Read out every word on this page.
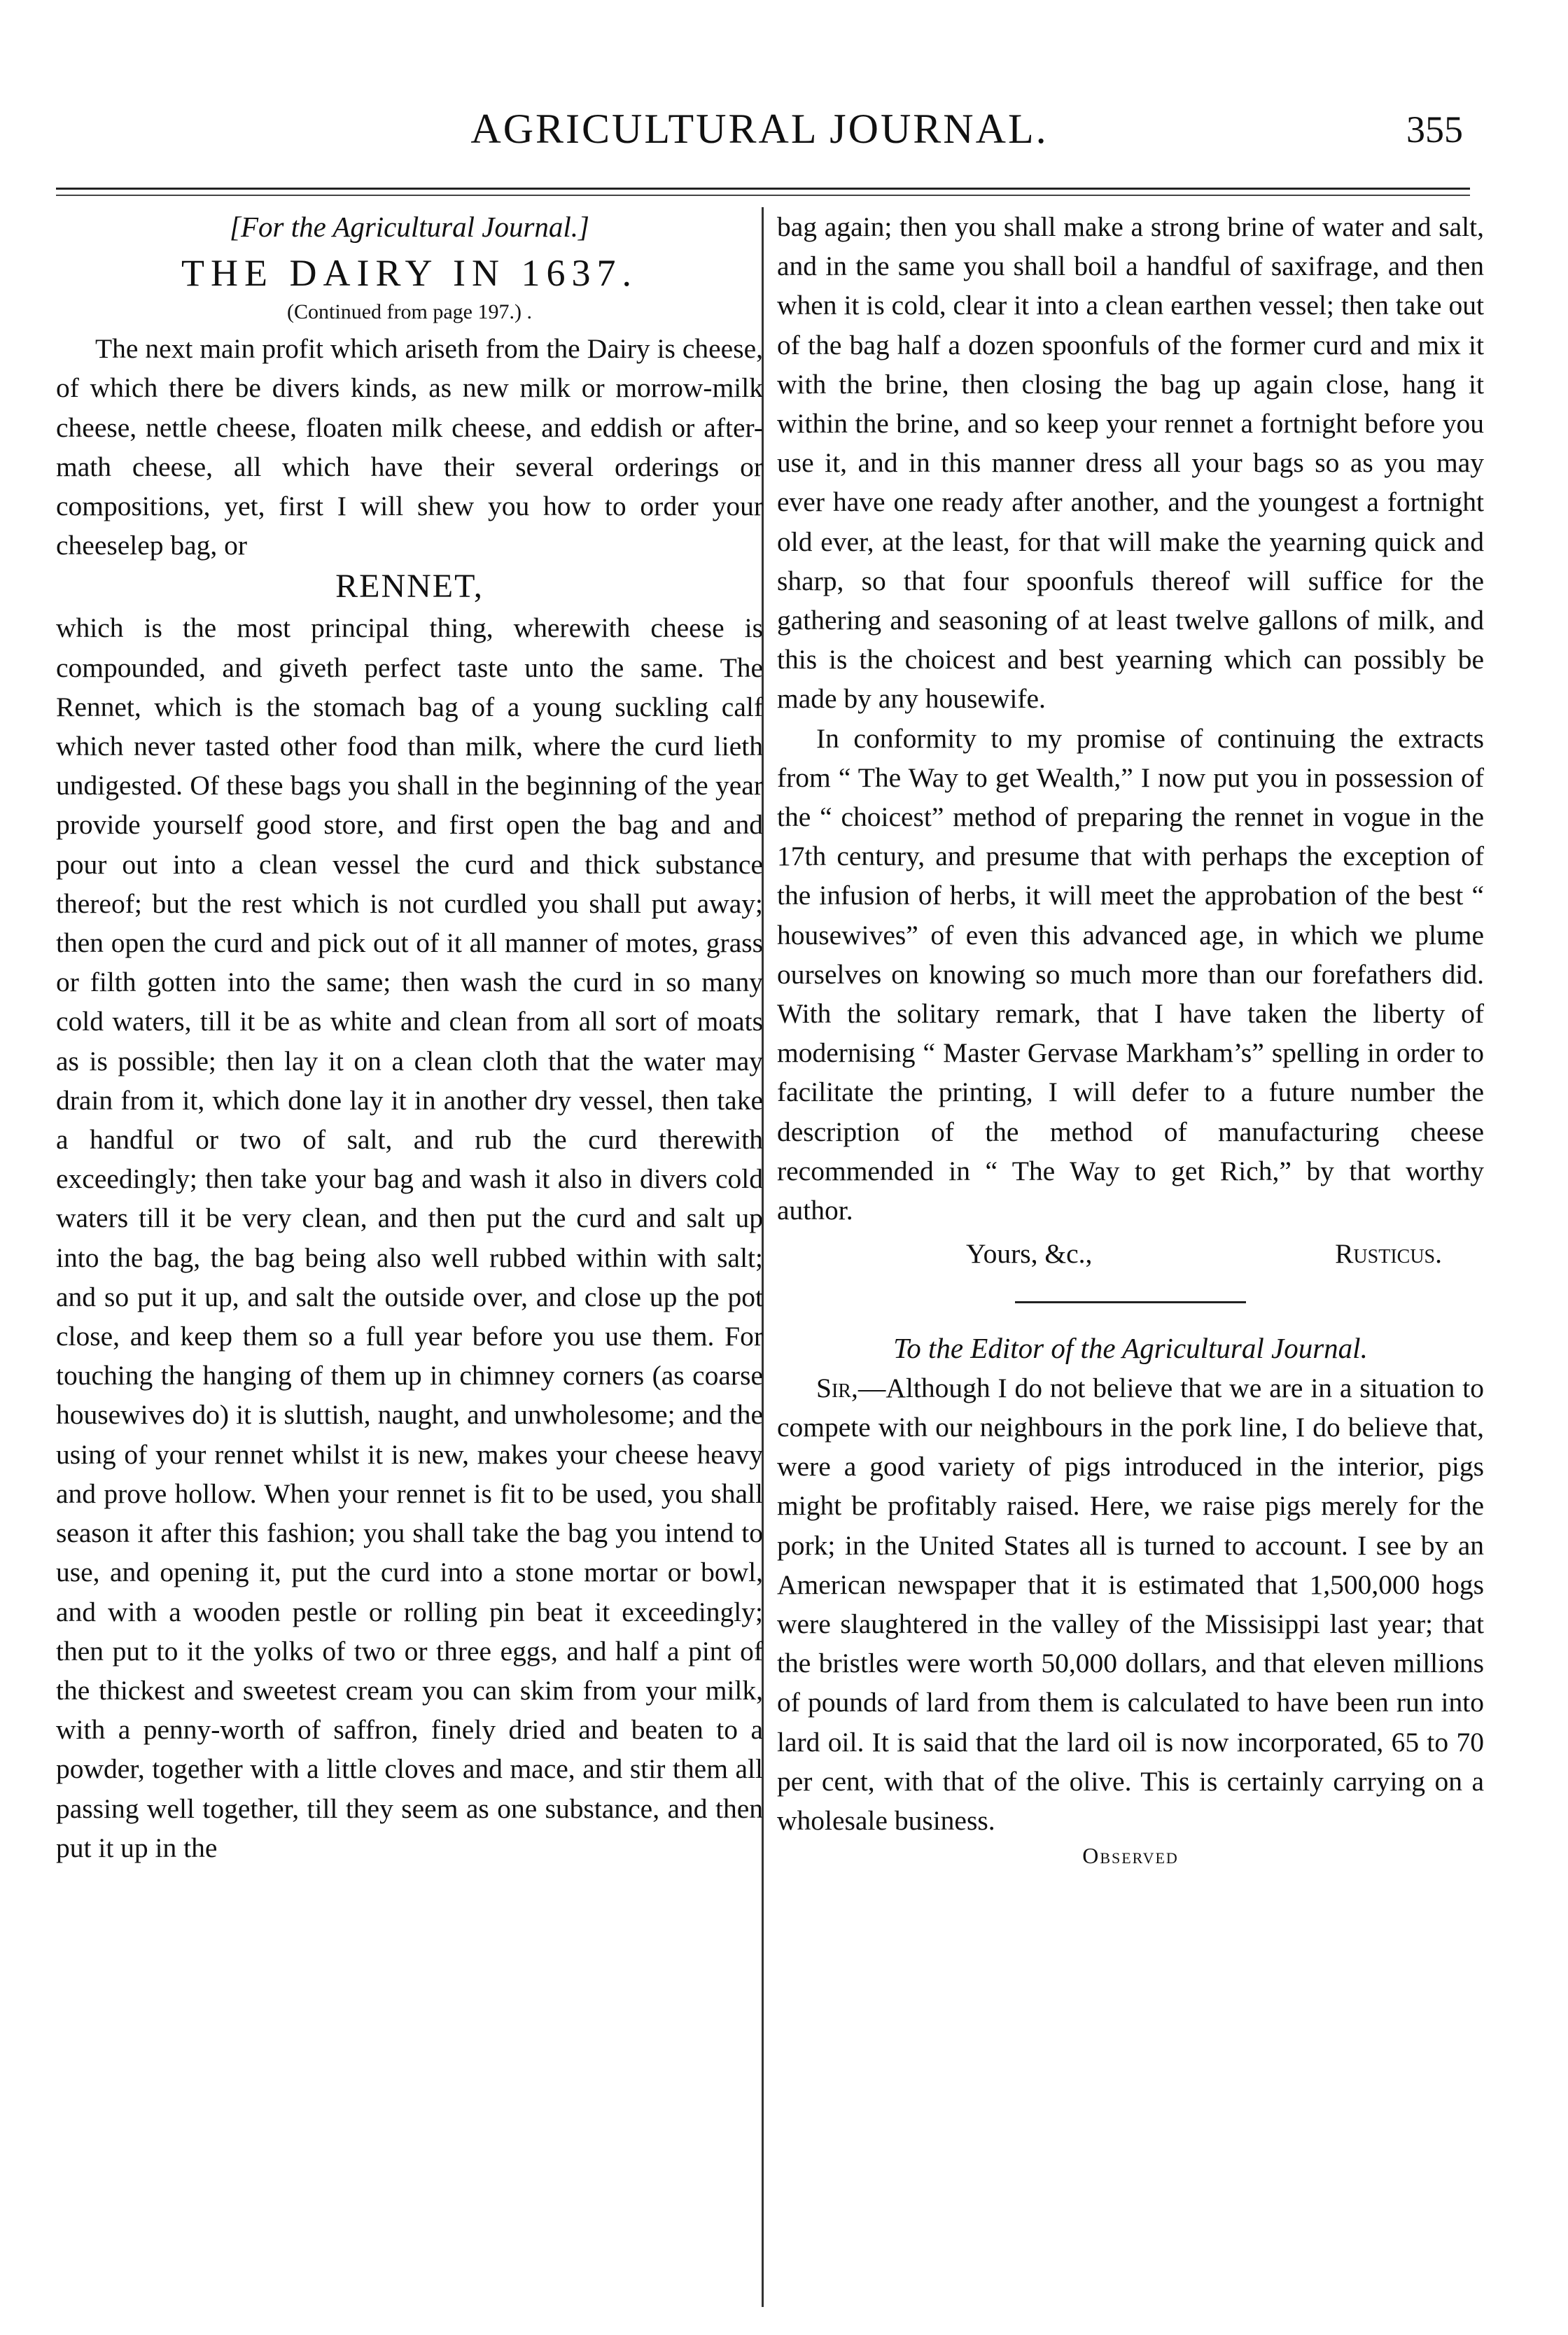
AGRICULTURAL JOURNAL.	355

[For the Agricultural Journal.]

THE DAIRY IN 1637.

(Continued from page 197.) .

The next main profit which ariseth from the Dairy is cheese, of which there be divers kinds, as new milk or morrow-milk cheese, nettle cheese, floaten milk cheese, and eddish or after-math cheese, all which have their several orderings or compositions, yet, first I will shew you how to order your cheeselep bag, or

RENNET,

which is the most principal thing, wherewith cheese is compounded, and giveth perfect taste unto the same. The Rennet, which is the stomach bag of a young suckling calf which never tasted other food than milk, where the curd lieth undigested. Of these bags you shall in the beginning of the year provide yourself good store, and first open the bag and and pour out into a clean vessel the curd and thick substance thereof; but the rest which is not curdled you shall put away; then open the curd and pick out of it all manner of motes, grass or filth gotten into the same; then wash the curd in so many cold waters, till it be as white and clean from all sort of moats as is possible; then lay it on a clean cloth that the water may drain from it, which done lay it in another dry vessel, then take a handful or two of salt, and rub the curd therewith exceedingly; then take your bag and wash it also in divers cold waters till it be very clean, and then put the curd and salt up into the bag, the bag being also well rubbed within with salt; and so put it up, and salt the outside over, and close up the pot close, and keep them so a full year before you use them. For touching the hanging of them up in chimney corners (as coarse housewives do) it is sluttish, naught, and unwholesome; and the using of your rennet whilst it is new, makes your cheese heavy and prove hollow. When your rennet is fit to be used, you shall season it after this fashion; you shall take the bag you intend to use, and opening it, put the curd into a stone mortar or bowl, and with a wooden pestle or rolling pin beat it exceedingly; then put to it the yolks of two or three eggs, and half a pint of the thickest and sweetest cream you can skim from your milk, with a penny-worth of saffron, finely dried and beaten to a powder, together with a little cloves and mace, and stir them all passing well together, till they seem as one substance, and then put it up in the

bag again; then you shall make a strong brine of water and salt, and in the same you shall boil a handful of saxifrage, and then when it is cold, clear it into a clean earthen vessel; then take out of the bag half a dozen spoonfuls of the former curd and mix it with the brine, then closing the bag up again close, hang it within the brine, and so keep your rennet a fortnight before you use it, and in this manner dress all your bags so as you may ever have one ready after another, and the youngest a fortnight old ever, at the least, for that will make the yearning quick and sharp, so that four spoonfuls thereof will suffice for the gathering and seasoning of at least twelve gallons of milk, and this is the choicest and best yearning which can possibly be made by any housewife.

In conformity to my promise of continuing the extracts from “ The Way to get Wealth,” I now put you in possession of the “ choicest” method of preparing the rennet in vogue in the 17th century, and presume that with perhaps the exception of the infusion of herbs, it will meet the approbation of the best “ housewives” of even this advanced age, in which we plume ourselves on knowing so much more than our forefathers did. With the solitary remark, that I have taken the liberty of modernising “ Master Gervase Markham’s” spelling in order to facilitate the printing, I will defer to a future number the description of the method of manufacturing cheese recommended in “ The Way to get Rich,” by that worthy author.

Yours, &c.,	Rusticus.

To the Editor of the Agricultural Journal.

Sir,—Although I do not believe that we are in a situation to compete with our neighbours in the pork line, I do believe that, were a good variety of pigs introduced in the interior, pigs might be profitably raised. Here, we raise pigs merely for the pork; in the United States all is turned to account. I see by an American newspaper that it is estimated that 1,500,000 hogs were slaughtered in the valley of the Missisippi last year; that the bristles were worth 50,000 dollars, and that eleven millions of pounds of lard from them is calculated to have been run into lard oil. It is said that the lard oil is now incorporated, 65 to 70 per cent, with that of the olive. This is certainly carrying on a wholesale business.

Observed
